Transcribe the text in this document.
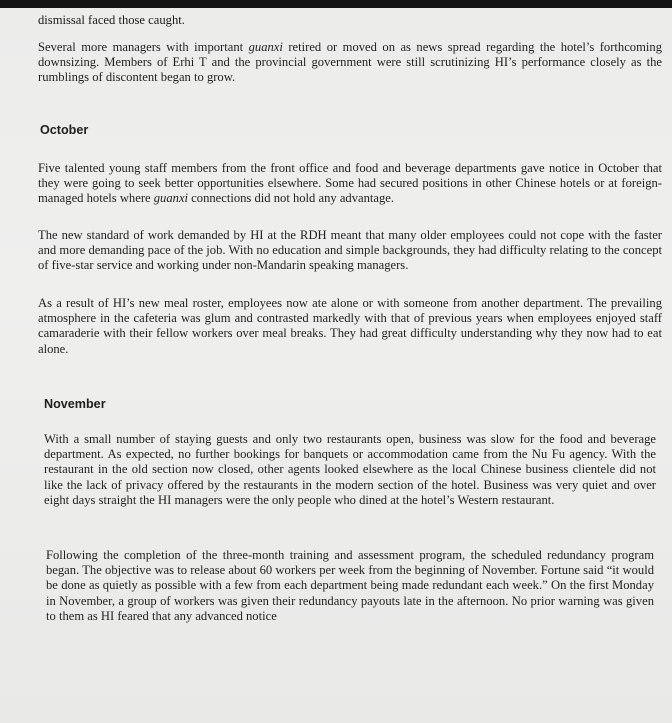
dismissal faced those caught.

Several more managers with important guanxi retired or moved on as news spread regarding the hotel’s forthcoming downsizing. Members of Erhi T and the provincial government were still scrutinizing HI’s performance closely as the rumblings of discontent began to grow.

October

Five talented young staff members from the front office and food and beverage departments gave notice in October that they were going to seek better opportunities elsewhere. Some had secured positions in other Chinese hotels or at foreign-managed hotels where guanxi connections did not hold any advantage.

The new standard of work demanded by HI at the RDH meant that many older employees could not cope with the faster and more demanding pace of the job. With no education and simple backgrounds, they had difficulty relating to the concept of five-star service and working under non-Mandarin speaking managers.

As a result of HI’s new meal roster, employees now ate alone or with someone from another department. The prevailing atmosphere in the cafeteria was glum and contrasted markedly with that of previous years when employees enjoyed staff camaraderie with their fellow workers over meal breaks. They had great difficulty understanding why they now had to eat alone.

November

With a small number of staying guests and only two restaurants open, business was slow for the food and beverage department. As expected, no further bookings for banquets or accommodation came from the Nu Fu agency. With the restaurant in the old section now closed, other agents looked elsewhere as the local Chinese business clientele did not like the lack of privacy offered by the restaurants in the modern section of the hotel. Business was very quiet and over eight days straight the HI managers were the only people who dined at the hotel’s Western restaurant.

Following the completion of the three-month training and assessment program, the scheduled redundancy program began. The objective was to release about 60 workers per week from the beginning of November. Fortune said “it would be done as quietly as possible with a few from each department being made redundant each week.” On the first Monday in November, a group of workers was given their redundancy payouts late in the afternoon. No prior warning was given to them as HI feared that any advanced notice
